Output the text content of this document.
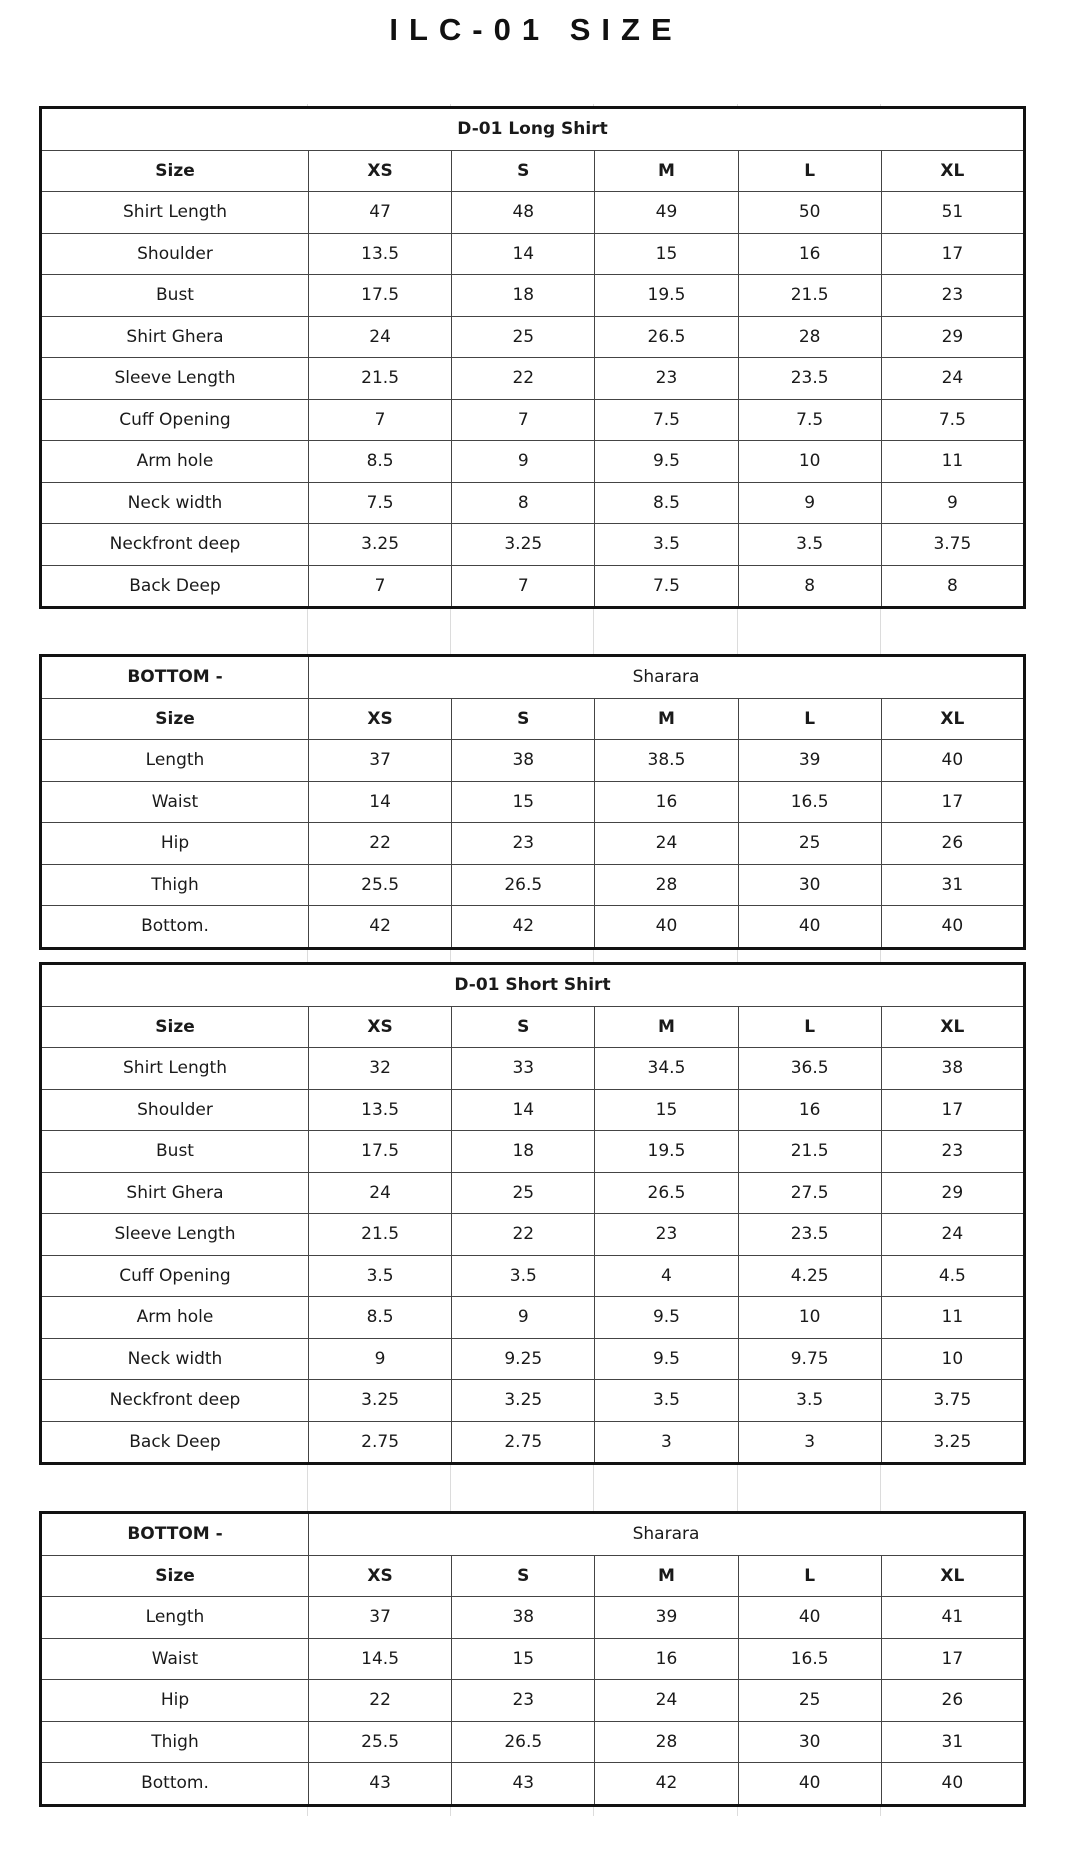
ILC-01 SIZE
D-01 Long Shirt					
Size	XS	S	M	L	XL
Shirt Length	47	48	49	50	51
Shoulder	13.5	14	15	16	17
Bust	17.5	18	19.5	21.5	23
Shirt Ghera	24	25	26.5	28	29
Sleeve Length	21.5	22	23	23.5	24
Cuff Opening	7	7	7.5	7.5	7.5
Arm hole	8.5	9	9.5	10	11
Neck width	7.5	8	8.5	9	9
Neckfront deep	3.25	3.25	3.5	3.5	3.75
Back Deep	7	7	7.5	8	8
BOTTOM -	Sharara				
Size	XS	S	M	L	XL
Length	37	38	38.5	39	40
Waist	14	15	16	16.5	17
Hip	22	23	24	25	26
Thigh	25.5	26.5	28	30	31
Bottom.	42	42	40	40	40
D-01 Short Shirt					
Size	XS	S	M	L	XL
Shirt Length	32	33	34.5	36.5	38
Shoulder	13.5	14	15	16	17
Bust	17.5	18	19.5	21.5	23
Shirt Ghera	24	25	26.5	27.5	29
Sleeve Length	21.5	22	23	23.5	24
Cuff Opening	3.5	3.5	4	4.25	4.5
Arm hole	8.5	9	9.5	10	11
Neck width	9	9.25	9.5	9.75	10
Neckfront deep	3.25	3.25	3.5	3.5	3.75
Back Deep	2.75	2.75	3	3	3.25
BOTTOM -	Sharara				
Size	XS	S	M	L	XL
Length	37	38	39	40	41
Waist	14.5	15	16	16.5	17
Hip	22	23	24	25	26
Thigh	25.5	26.5	28	30	31
Bottom.	43	43	42	40	40
